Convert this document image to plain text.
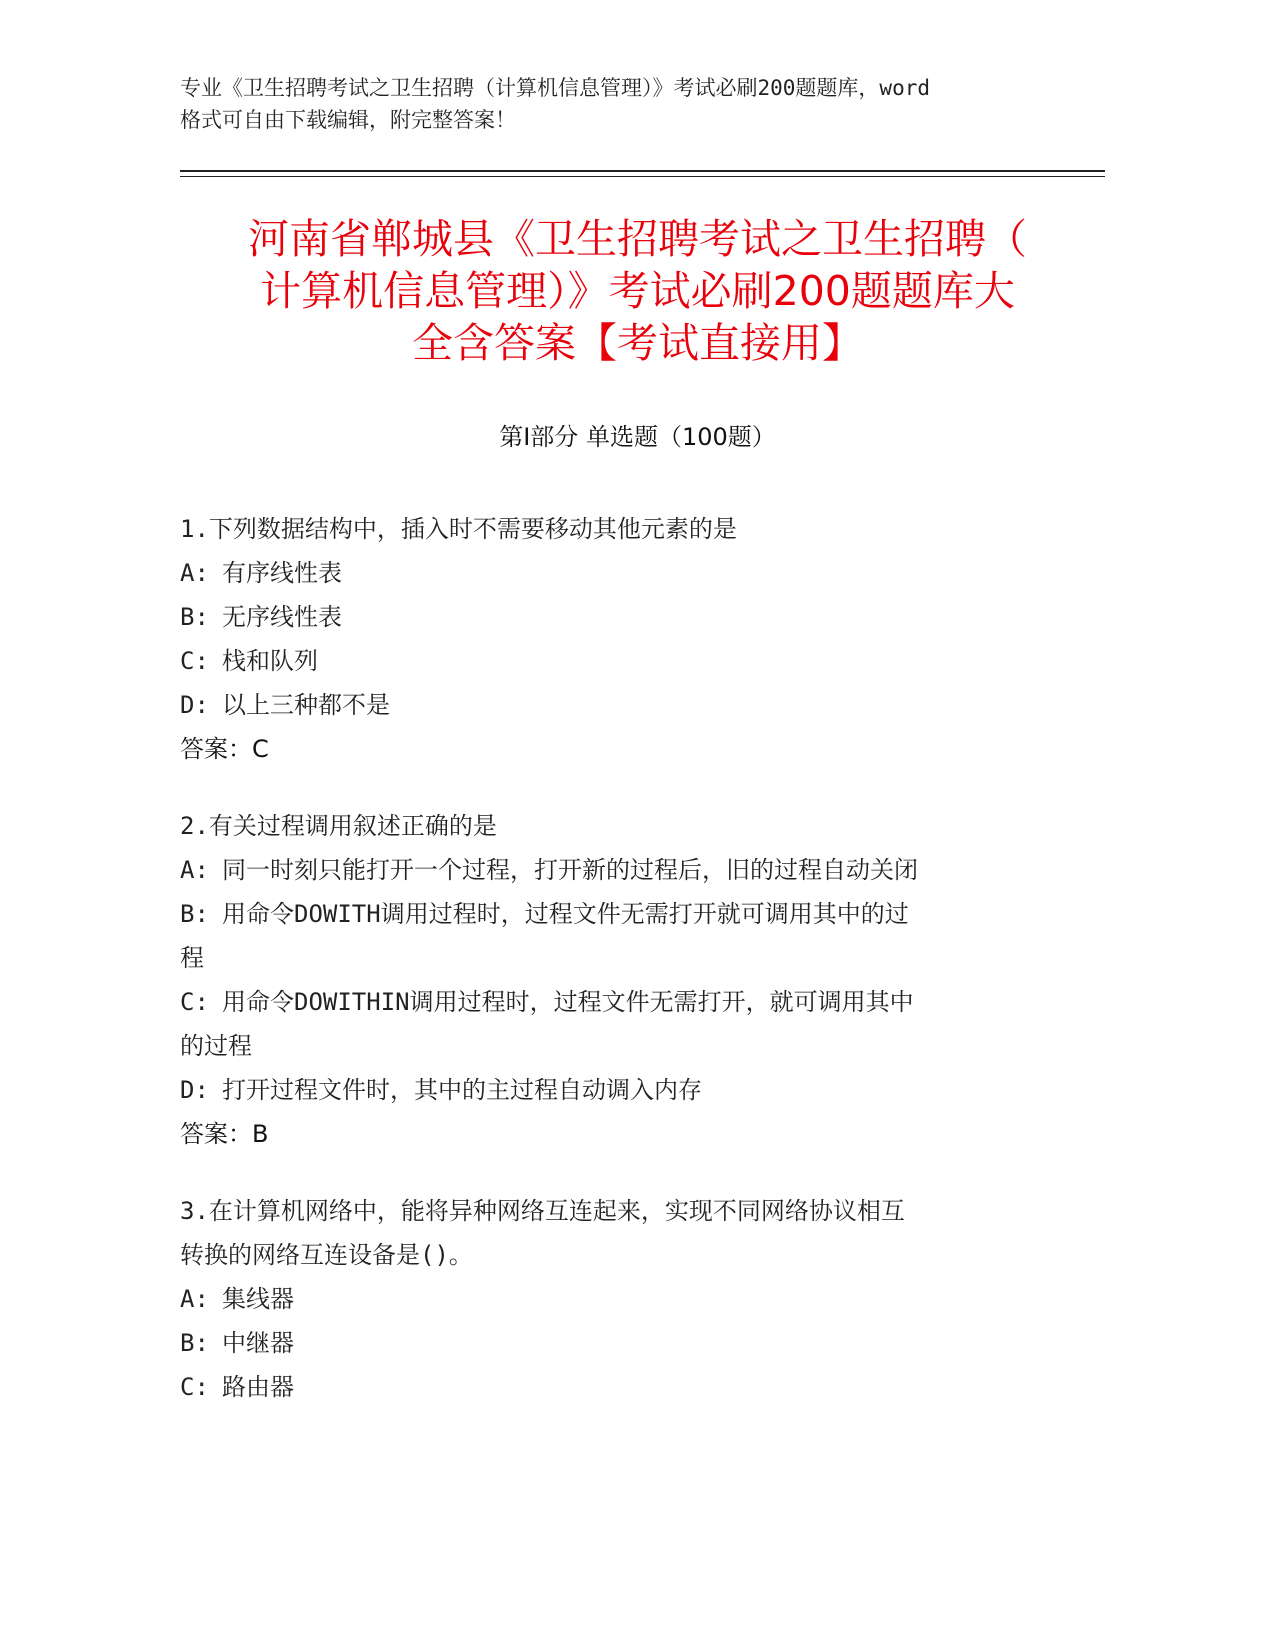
专业《卫生招聘考试之卫生招聘（计算机信息管理）》考试必刷200题题库，word
格式可自由下载编辑，附完整答案！
河南省郸城县《卫生招聘考试之卫生招聘（
计算机信息管理）》考试必刷200题题库大
全含答案【考试直接用】
第Ⅰ部分 单选题（100题）

1.下列数据结构中，插入时不需要移动其他元素的是

A: 有序线性表

B: 无序线性表

C: 栈和队列

D: 以上三种都不是

答案：C

2.有关过程调用叙述正确的是

A: 同一时刻只能打开一个过程，打开新的过程后，旧的过程自动关闭

B: 用命令DOWITH调用过程时，过程文件无需打开就可调用其中的过

程

C: 用命令DOWITHIN调用过程时，过程文件无需打开，就可调用其中

的过程

D: 打开过程文件时，其中的主过程自动调入内存

答案：B

3.在计算机网络中，能将异种网络互连起来，实现不同网络协议相互

转换的网络互连设备是()。

A: 集线器

B: 中继器

C: 路由器
